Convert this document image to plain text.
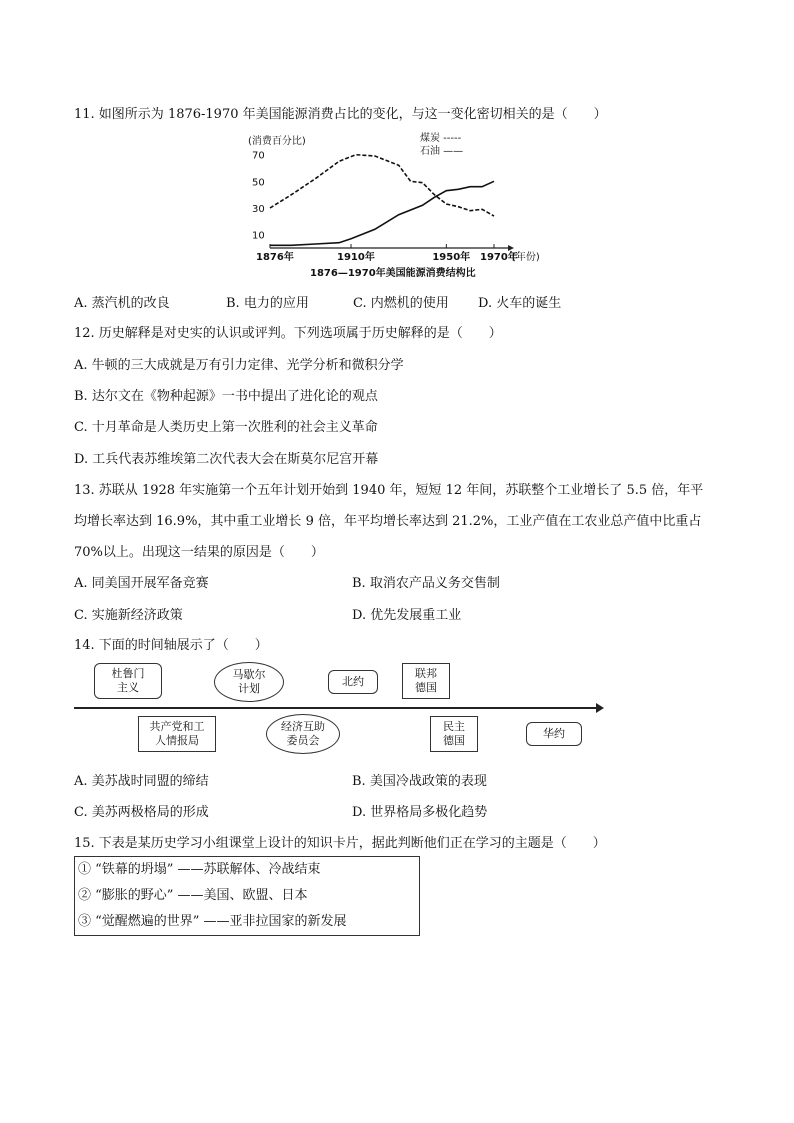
11. 如图所示为 1876-1970 年美国能源消费占比的变化，与这一变化密切相关的是（　　）
(消费百分比)	煤炭 -----
石油 ——
10
30
50
70
1876年	1910年	1950年 1970年
(年份)
1876—1970年美国能源消费结构比
A. 蒸汽机的改良	B. 电力的应用	C. 内燃机的使用 D. 火车的诞生
12. 历史解释是对史实的认识或评判。下列选项属于历史解释的是（　　）
A. 牛顿的三大成就是万有引力定律、光学分析和微积分学
B. 达尔文在《物种起源》一书中提出了进化论的观点
C. 十月革命是人类历史上第一次胜利的社会主义革命
D. 工兵代表苏维埃第二次代表大会在斯莫尔尼宫开幕
13. 苏联从 1928 年实施第一个五年计划开始到 1940 年，短短 12 年间，苏联整个工业增长了 5.5 倍，年平
均增长率达到 16.9%，其中重工业增长 9 倍，年平均增长率达到 21.2%，工业产值在工农业总产值中比重占
70%以上。出现这一结果的原因是（　　）
A. 同美国开展军备竞赛	B. 取消农产品义务交售制
C. 实施新经济政策	D. 优先发展重工业
14. 下面的时间轴展示了（　　）
杜鲁门
主义
马歇尔
计划
北约
联邦
德国
共产党和工
人情报局
经济互助
委员会
民主
德国
华约
A. 美苏战时同盟的缔结	B. 美国冷战政策的表现
C. 美苏两极格局的形成	D. 世界格局多极化趋势
15. 下表是某历史学习小组课堂上设计的知识卡片，据此判断他们正在学习的主题是（　　）
① “铁幕的坍塌” ——苏联解体、冷战结束
② “膨胀的野心” ——美国、欧盟、日本
③ “觉醒燃遍的世界” ——亚非拉国家的新发展
